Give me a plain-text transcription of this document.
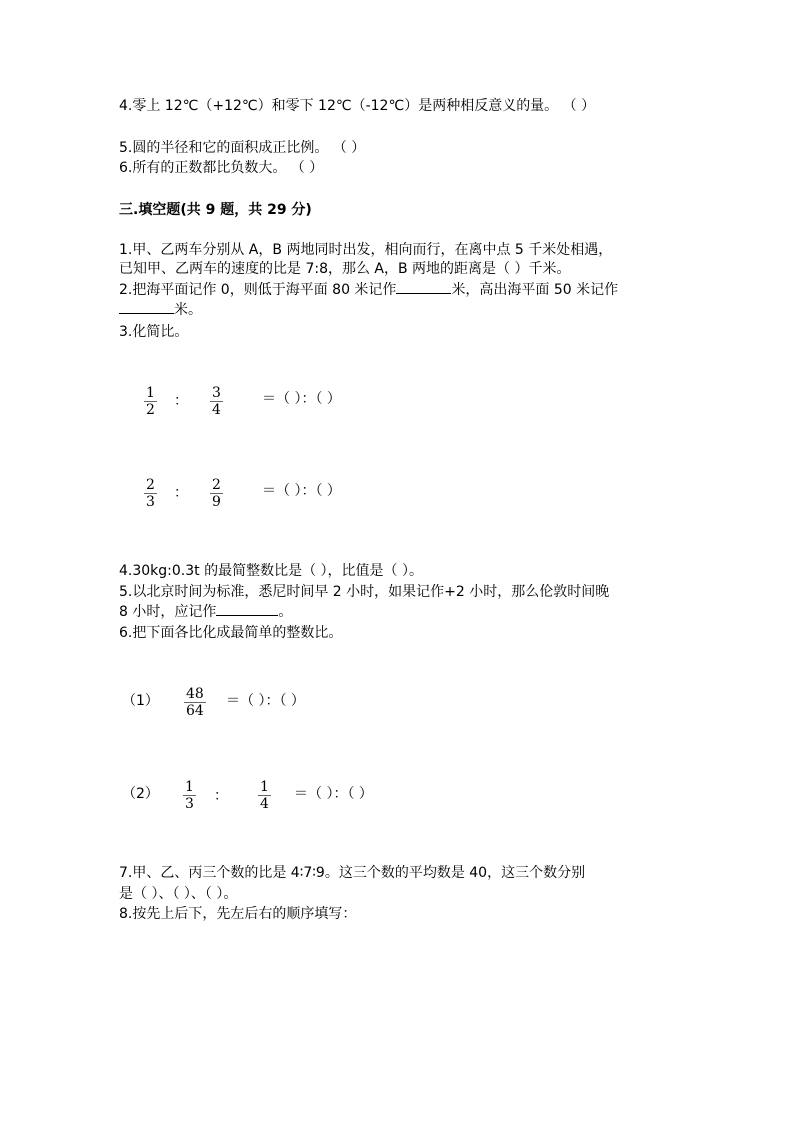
4.零上 12℃（+12℃）和零下 12℃（-12℃）是两种相反意义的量。 （ ）
5.圆的半径和它的面积成正比例。 （ ）
6.所有的正数都比负数大。 （ ）
三.填空题(共 9 题，共 29 分)
1.甲、乙两车分别从 A，B 两地同时出发，相向而行，在离中点 5 千米处相遇，
已知甲、乙两车的速度的比是 7:8，那么 A，B 两地的距离是（ ）千米。
2.把海平面记作 0，则低于海平面 80 米记作	米，高出海平面 50 米记作
米。
3.化简比。
$\frac{1}{2}$ ： $\frac{3}{4}$	＝（ ）：（ ）
$\frac{2}{3}$ ： $\frac{2}{9}$	＝（ ）：（ ）
4.30kg:0.3t 的最简整数比是（ ），比值是（ ）。
5.以北京时间为标准，悉尼时间早 2 小时，如果记作+2 小时，那么伦敦时间晚
8 小时，应记作	。
6.把下面各比化成最简单的整数比。
$(1) \frac{48}{64}$ ＝（ ）：（ ）
$(2) \frac{1}{3}$ ： $\frac{1}{4}$ ＝（ ）：（ ）
7.甲、乙、丙三个数的比是 4∶7∶9。这三个数的平均数是 40，这三个数分别
是（ ）、（ ）、（ ）。
8.按先上后下，先左后右的顺序填写：
